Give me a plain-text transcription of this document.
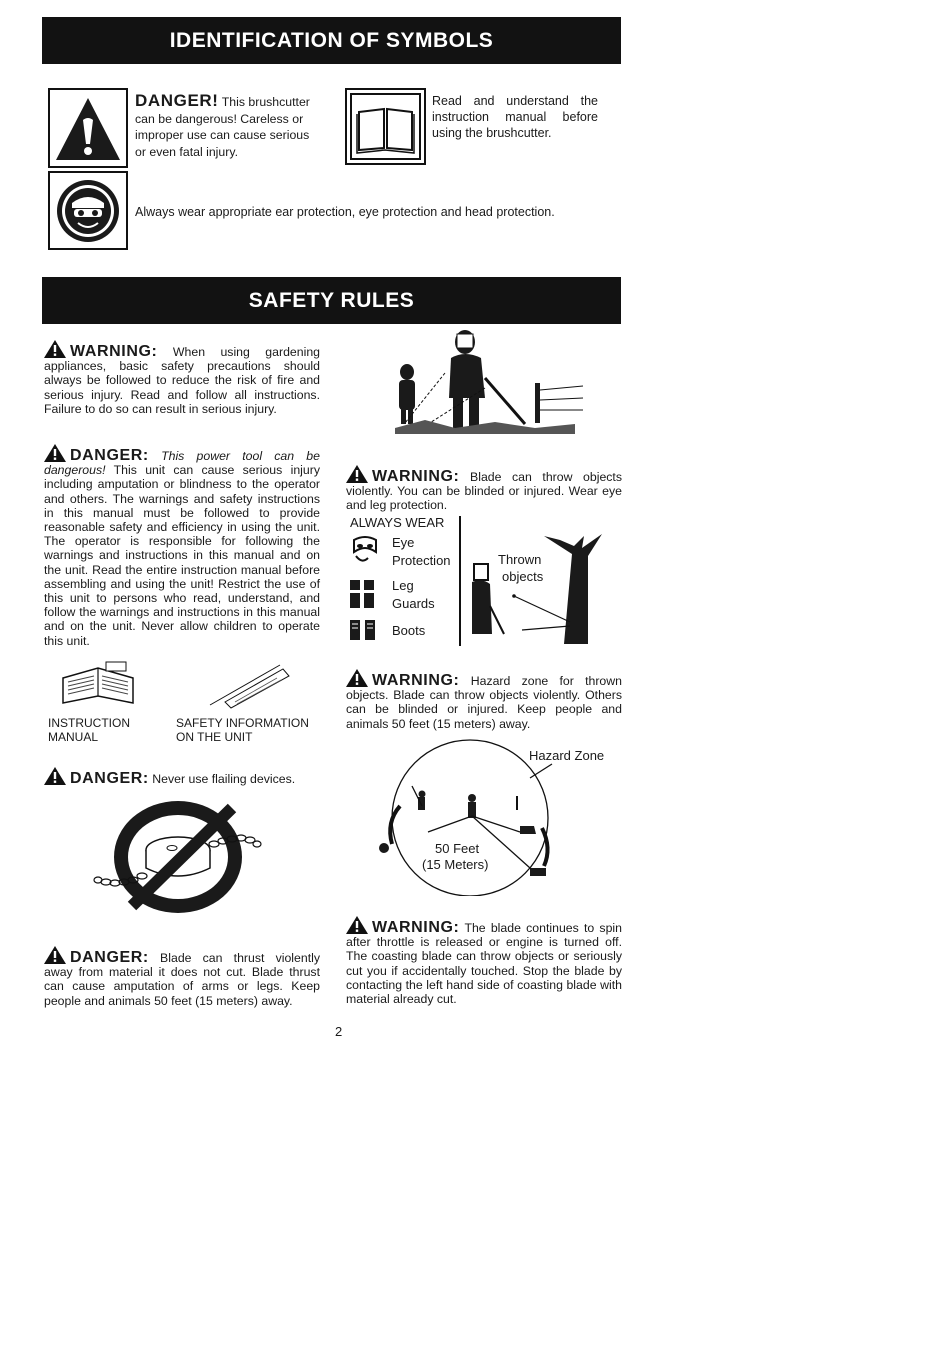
IDENTIFICATION OF SYMBOLS
DANGER! This brushcutter can be dangerous! Careless or improper use can cause serious or even fatal injury.
Read and understand the instruction manual before using the brushcutter.
Always wear appropriate ear protection, eye protection and head protection.
SAFETY RULES
WARNING: When using gardening appliances, basic safety precautions should always be followed to reduce the risk of fire and serious injury. Read and follow all instructions. Failure to do so can result in serious injury.
DANGER: This power tool can be dangerous! This unit can cause serious injury including amputation or blindness to the operator and others. The warnings and safety instructions in this manual must be followed to provide reasonable safety and efficiency in using the unit. The operator is responsible for following the warnings and instructions in this manual and on the unit. Read the entire instruction manual before assembling and using the unit! Restrict the use of this unit to persons who read, understand, and follow the warnings and instructions in this manual and on the unit. Never allow children to operate this unit.
INSTRUCTION
MANUAL
SAFETY INFORMATION
ON THE UNIT
DANGER: Never use flailing devices.
DANGER: Blade can thrust violently away from material it does not cut. Blade thrust can cause amputation of arms or legs. Keep people and animals 50 feet (15 meters) away.
2
WARNING: Blade can throw objects violently. You can be blinded or injured. Wear eye and leg protection.
ALWAYS WEAR
Eye
Protection
Leg
Guards
Boots
Thrown
objects
WARNING: Hazard zone for thrown objects. Blade can throw objects violently. Others can be blinded or injured. Keep people and animals 50 feet (15 meters) away.
Hazard Zone
50 Feet
(15 Meters)
WARNING: The blade continues to spin after throttle is released or engine is turned off. The coasting blade can throw objects or seriously cut you if accidentally touched. Stop the blade by contacting the left hand side of coasting blade with material already cut.
